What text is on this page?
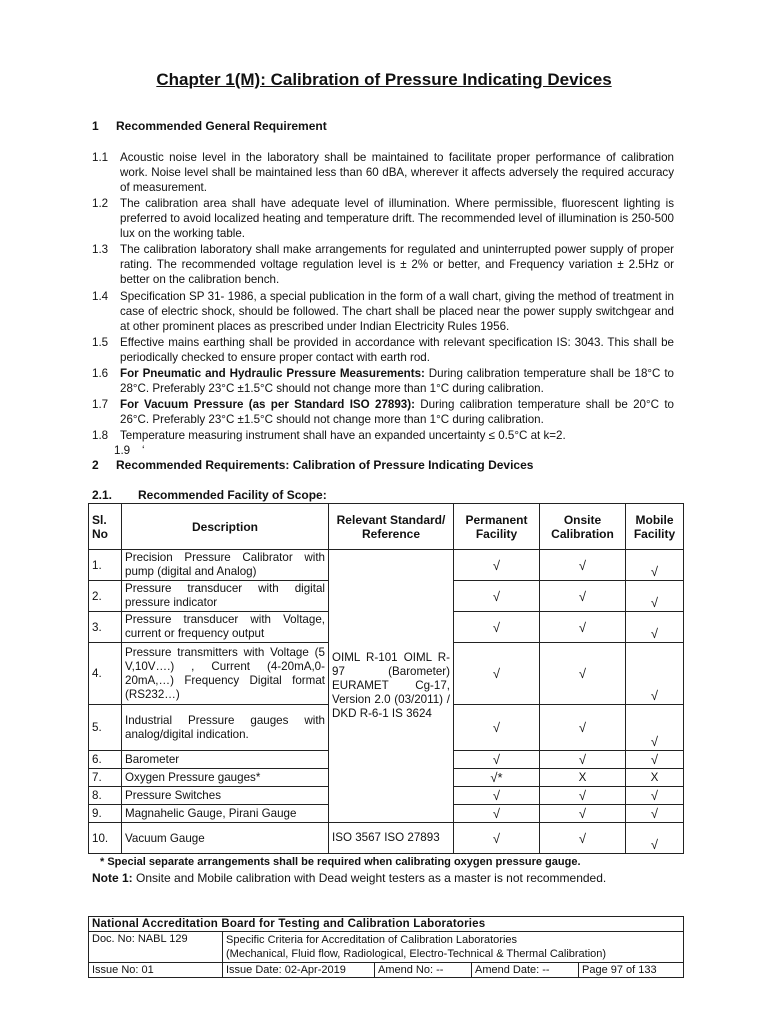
Chapter 1(M): Calibration of Pressure Indicating Devices
1 Recommended General Requirement
1.1 Acoustic noise level in the laboratory shall be maintained to facilitate proper performance of calibration work. Noise level shall be maintained less than 60 dBA, wherever it affects adversely the required accuracy of measurement.
1.2 The calibration area shall have adequate level of illumination. Where permissible, fluorescent lighting is preferred to avoid localized heating and temperature drift. The recommended level of illumination is 250-500 lux on the working table.
1.3 The calibration laboratory shall make arrangements for regulated and uninterrupted power supply of proper rating. The recommended voltage regulation level is ± 2% or better, and Frequency variation ± 2.5Hz or better on the calibration bench.
1.4 Specification SP 31- 1986, a special publication in the form of a wall chart, giving the method of treatment in case of electric shock, should be followed. The chart shall be placed near the power supply switchgear and at other prominent places as prescribed under Indian Electricity Rules 1956.
1.5 Effective mains earthing shall be provided in accordance with relevant specification IS: 3043. This shall be periodically checked to ensure proper contact with earth rod.
1.6 For Pneumatic and Hydraulic Pressure Measurements: During calibration temperature shall be 18°C to 28°C. Preferably 23°C ±1.5°C should not change more than 1°C during calibration.
1.7 For Vacuum Pressure (as per Standard ISO 27893): During calibration temperature shall be 20°C to 26°C. Preferably 23°C ±1.5°C should not change more than 1°C during calibration.
1.8 Temperature measuring instrument shall have an expanded uncertainty ≤ 0.5°C at k=2.
1.9 ‘
2 Recommended Requirements: Calibration of Pressure Indicating Devices
2.1. Recommended Facility of Scope:
Sl. No	Description	Relevant Standard/ Reference	Permanent Facility	Onsite Calibration	Mobile Facility
1.	Precision Pressure Calibrator with pump (digital and Analog)	OIML R-101 OIML R-97 (Barometer) EURAMET Cg-17, Version 2.0 (03/2011) / DKD R-6-1 IS 3624	√	√	√
2.	Pressure transducer with digital pressure indicator		√	√	√
3.	Pressure transducer with Voltage, current or frequency output		√	√	√
4.	Pressure transmitters with Voltage (5 V,10V….) , Current (4-20mA,0-20mA,…) Frequency Digital format (RS232…)		√	√	√
5.	Industrial Pressure gauges with analog/digital indication.		√	√	√
6.	Barometer		√	√	√
7.	Oxygen Pressure gauges*		√*	X	X
8.	Pressure Switches		√	√	√
9.	Magnahelic Gauge, Pirani Gauge		√	√	√
10.	Vacuum Gauge	ISO 3567 ISO 27893	√	√	√
* Special separate arrangements shall be required when calibrating oxygen pressure gauge.
Note 1: Onsite and Mobile calibration with Dead weight testers as a master is not recommended.
National Accreditation Board for Testing and Calibration Laboratories				
Doc. No: NABL 129	Specific Criteria for Accreditation of Calibration Laboratories
(Mechanical, Fluid flow, Radiological, Electro-Technical & Thermal Calibration)			

Issue No: 01	Issue Date: 02-Apr-2019	Amend No: --	Amend Date: --	Page 97 of 133
